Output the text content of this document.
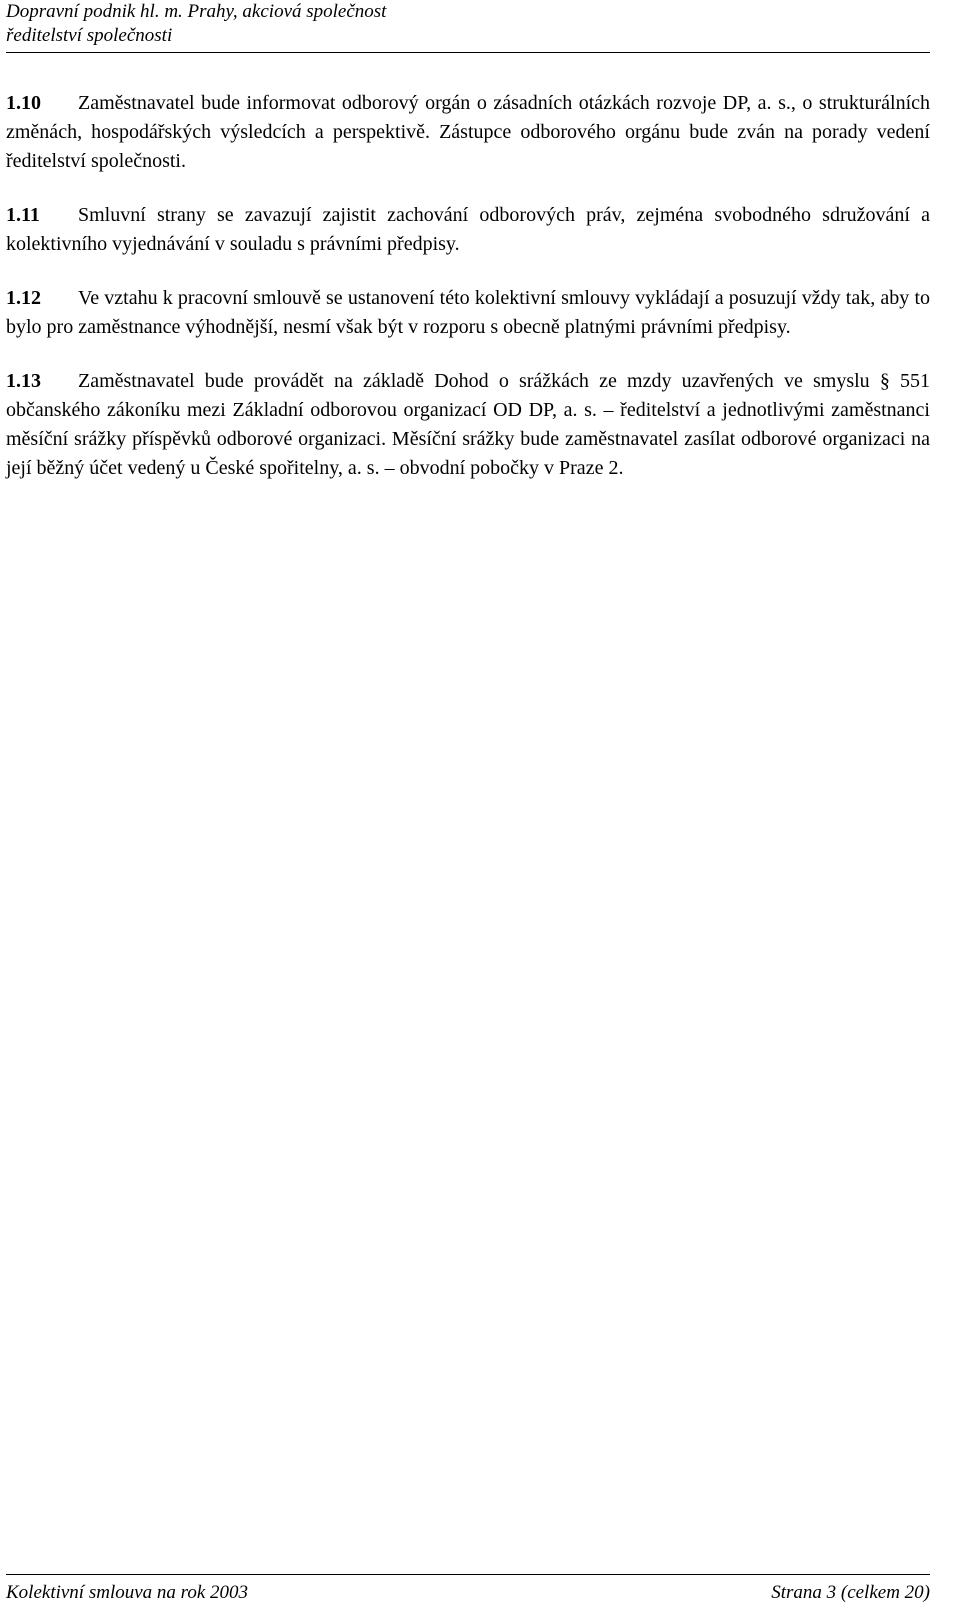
Dopravní podnik hl. m. Prahy, akciová společnost
ředitelství společnosti

1.10 Zaměstnavatel bude informovat odborový orgán o zásadních otázkách rozvoje DP, a. s., o strukturálních změnách, hospodářských výsledcích a perspektivě. Zástupce odborového orgánu bude zván na porady vedení ředitelství společnosti.

1.11 Smluvní strany se zavazují zajistit zachování odborových práv, zejména svobodného sdružování a kolektivního vyjednávání v souladu s právními předpisy.

1.12 Ve vztahu k pracovní smlouvě se ustanovení této kolektivní smlouvy vykládají a posuzují vždy tak, aby to bylo pro zaměstnance výhodnější, nesmí však být v rozporu s obecně platnými právními předpisy.

1.13 Zaměstnavatel bude provádět na základě Dohod o srážkách ze mzdy uzavřených ve smyslu § 551 občanského zákoníku mezi Základní odborovou organizací OD DP, a. s. – ředitelství a jednotlivými zaměstnanci měsíční srážky příspěvků odborové organizaci. Měsíční srážky bude zaměstnavatel zasílat odborové organizaci na její běžný účet vedený u České spořitelny, a. s. – obvodní pobočky v Praze 2.

Kolektivní smlouva na rok 2003	Strana 3 (celkem 20)
